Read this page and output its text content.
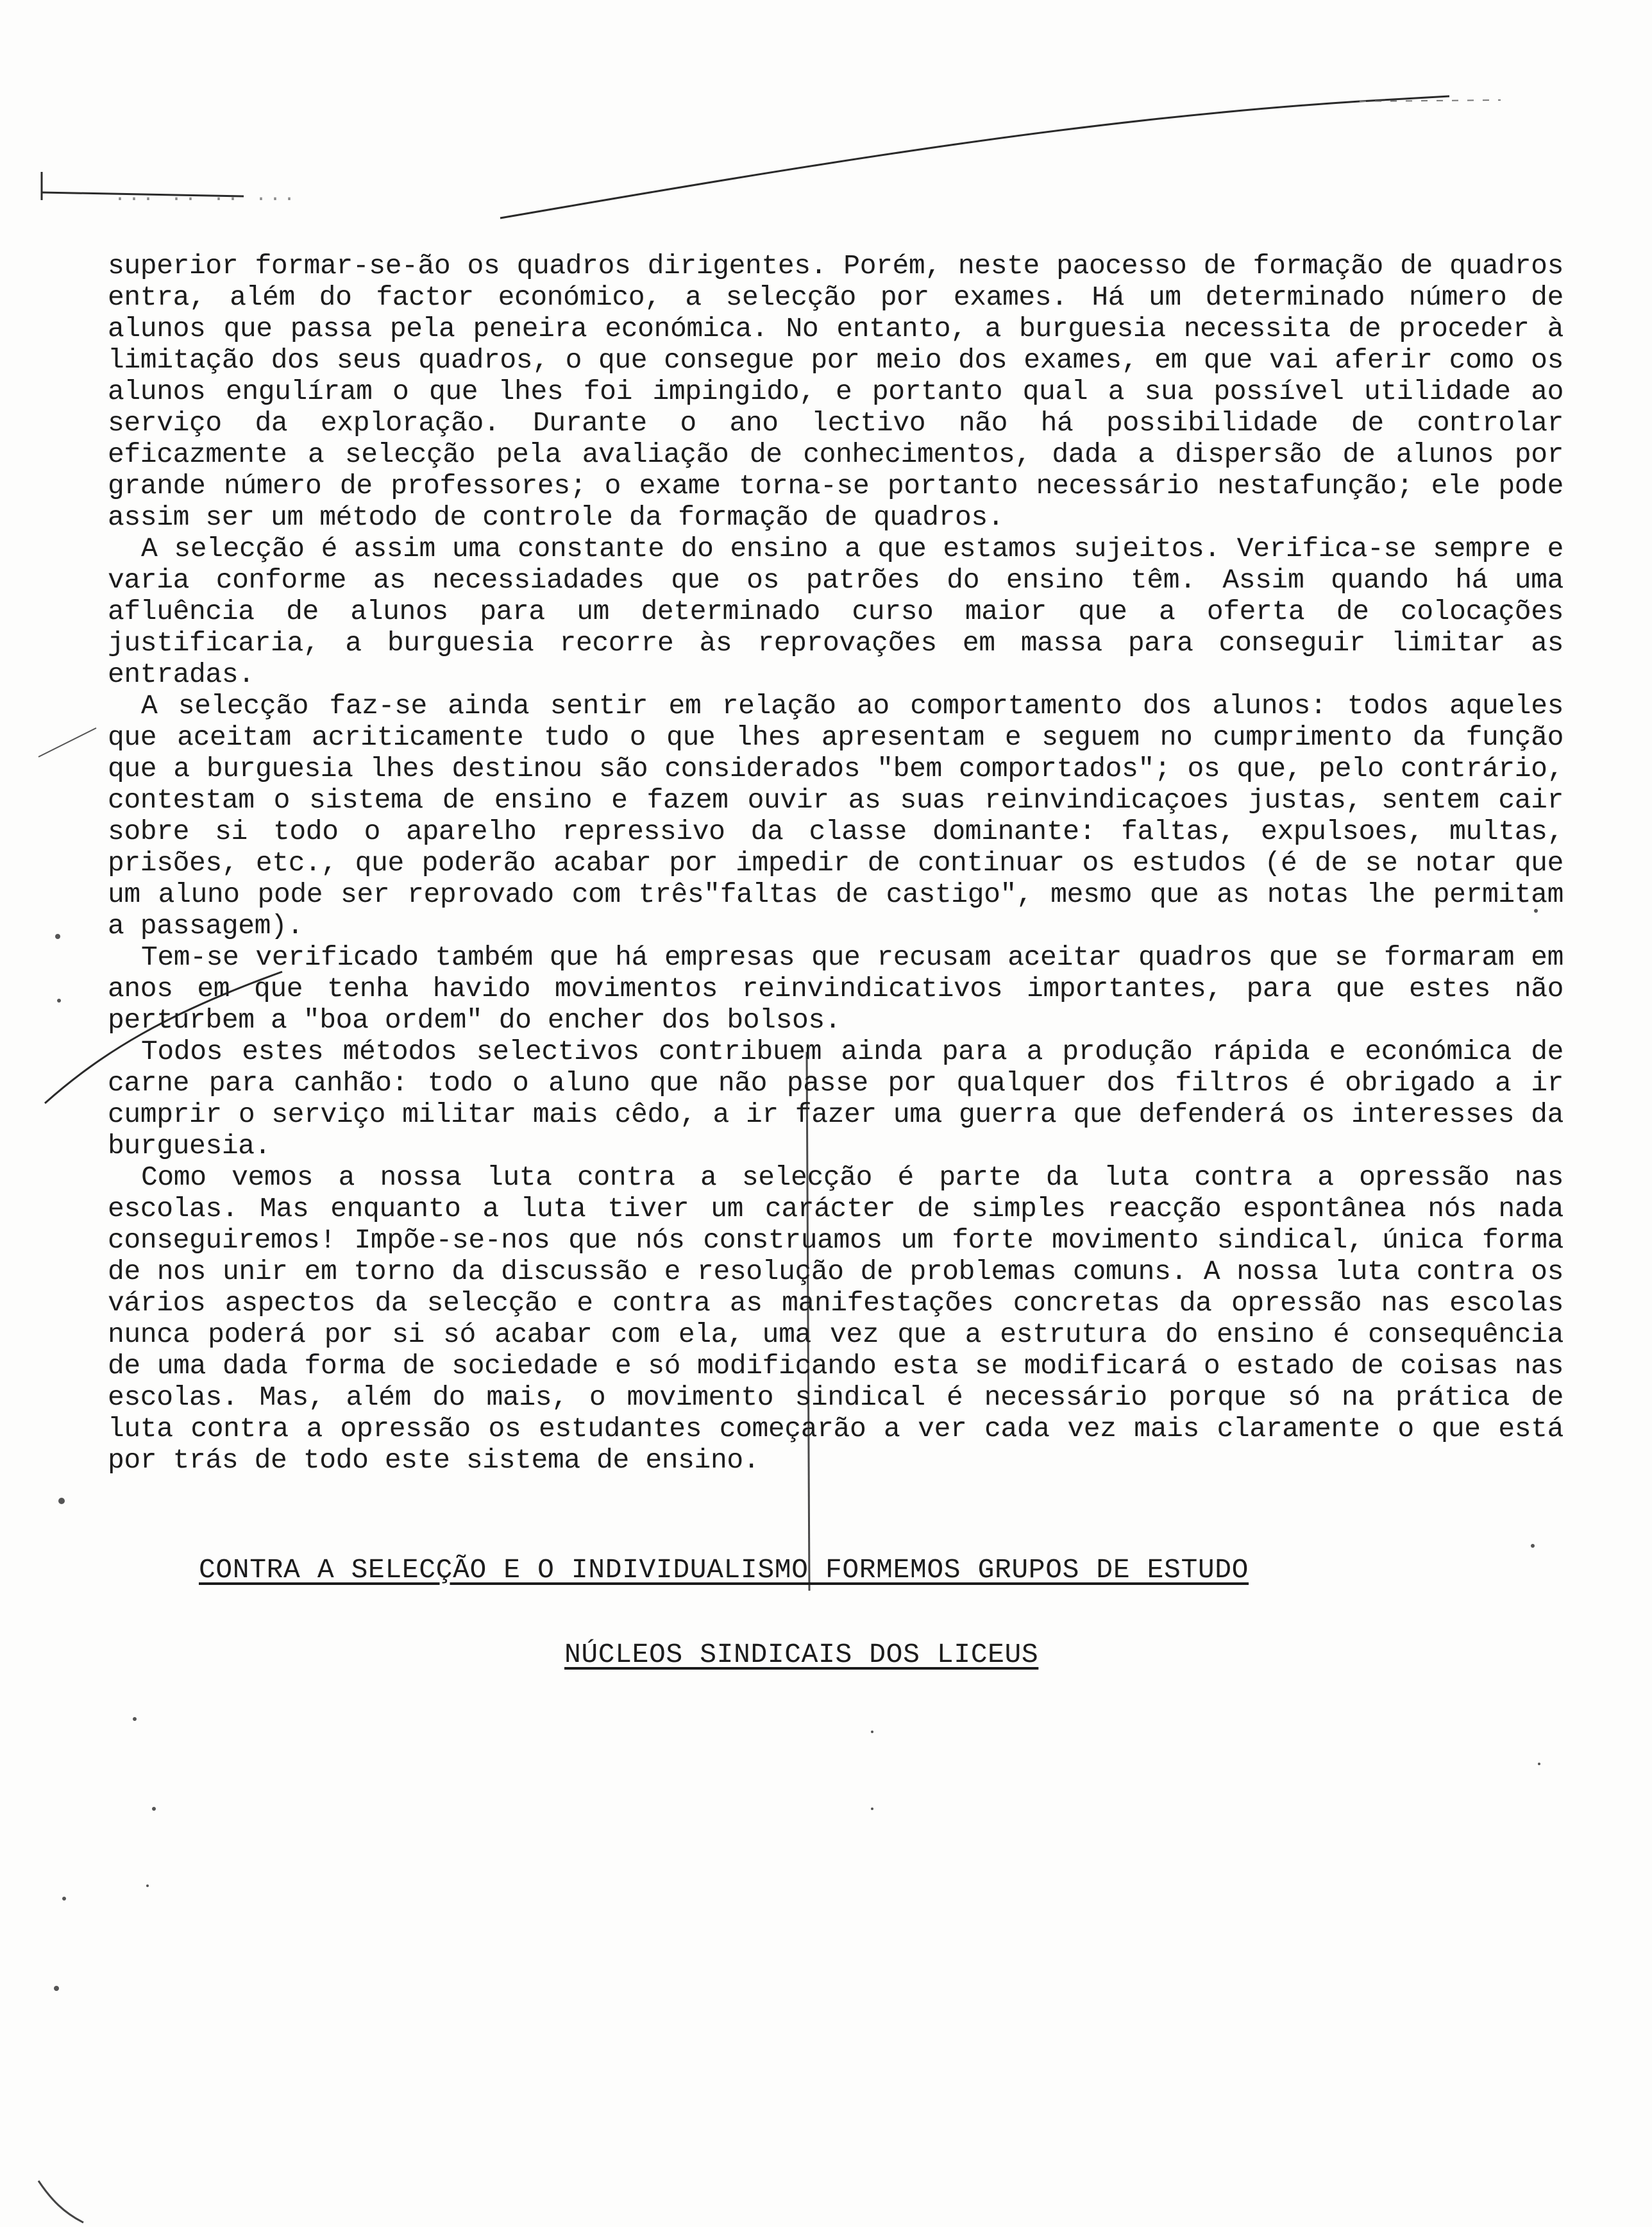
··· ·· ·· ···

superior formar-se-ão os quadros dirigentes. Porém, neste paocesso de formação de quadros entra, além do factor económico, a selecção por exames. Há um determinado número de alunos que passa pela peneira económica. No entanto, a burguesia necessita de proceder à limitação dos seus quadros, o que consegue por meio dos exames, em que vai aferir como os alunos engulíram o que lhes foi impingido, e portanto qual a sua possível utilidade ao serviço da exploração. Durante o ano lectivo não há possibilidade de controlar eficazmente a selecção pela avaliação de conhecimentos, dada a dispersão de alunos por grande número de professores; o exame torna-se portanto necessário nestafunção; ele pode assim ser um método de controle da formação de quadros.

A selecção é assim uma constante do ensino a que estamos sujeitos. Verifica-se sempre e varia conforme as necessiadades que os patrões do ensino têm. Assim quando há uma afluência de alunos para um determinado curso maior que a oferta de colocações justificaria, a burguesia recorre às reprovações em massa para conseguir limitar as entradas.

A selecção faz-se ainda sentir em relação ao comportamento dos alunos: todos aqueles que aceitam acriticamente tudo o que lhes apresentam e seguem no cumprimento da função que a burguesia lhes destinou são considerados "bem comportados"; os que, pelo contrário, contestam o sistema de ensino e fazem ouvir as suas reinvindicaçoes justas, sentem cair sobre si todo o aparelho repressivo da classe dominante: faltas, expulsoes, multas, prisões, etc., que poderão acabar por impedir de continuar os estudos (é de se notar que um aluno pode ser reprovado com três"faltas de castigo", mesmo que as notas lhe permitam a passagem).

Tem-se verificado também que há empresas que recusam aceitar quadros que se formaram em anos em que tenha havido movimentos reinvindicativos importantes, para que estes não perturbem a "boa ordem" do encher dos bolsos.

Todos estes métodos selectivos contribuem ainda para a produção rápida e económica de carne para canhão: todo o aluno que não passe por qualquer dos filtros é obrigado a ir cumprir o serviço militar mais cêdo, a ir fazer uma guerra que defenderá os interesses da burguesia.

Como vemos a nossa luta contra a selecção é parte da luta contra a opressão nas escolas. Mas enquanto a luta tiver um carácter de simples reacção espontânea nós nada conseguiremos! Impõe-se-nos que nós construamos um forte movimento sindical, única forma de nos unir em torno da discussão e resolução de problemas comuns. A nossa luta contra os vários aspectos da selecção e contra as manifestações concretas da opressão nas escolas nunca poderá por si só acabar com ela, uma vez que a estrutura do ensino é consequência de uma dada forma de sociedade e só modificando esta se modificará o estado de coisas nas escolas. Mas, além do mais, o movimento sindical é necessário porque só na prática de luta contra a opressão os estudantes começarão a ver cada vez mais claramente o que está por trás de todo este sistema de ensino.

CONTRA A SELECÇÃO E O INDIVIDUALISMO FORMEMOS GRUPOS DE ESTUDO
NÚCLEOS SINDICAIS DOS LICEUS
